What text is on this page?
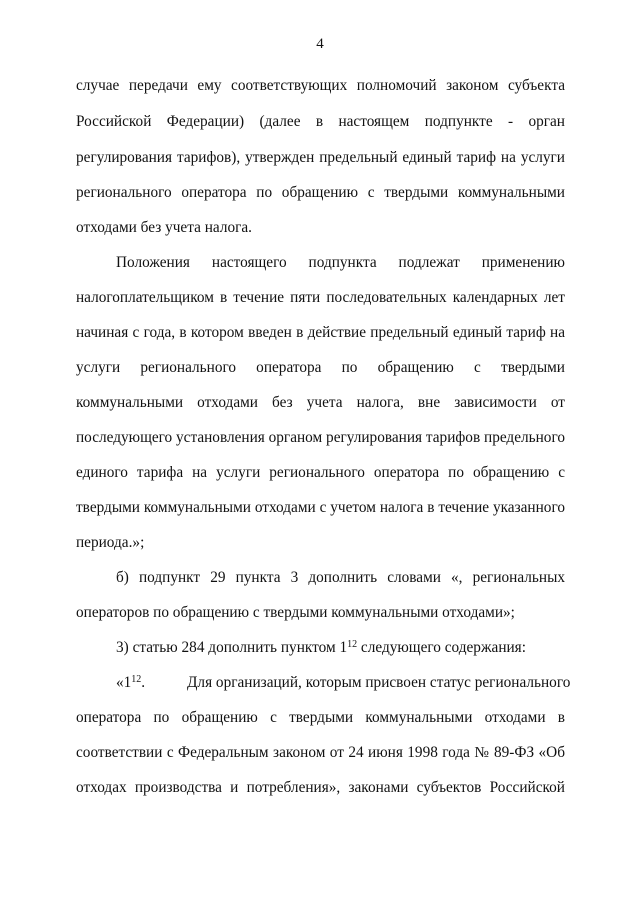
4
случае передачи ему соответствующих полномочий законом субъекта
Российской Федерации) (далее в настоящем подпункте - орган
регулирования тарифов), утвержден предельный единый тариф на услуги
регионального оператора по обращению с твердыми коммунальными
отходами без учета налога.
Положения настоящего подпункта подлежат применению
налогоплательщиком в течение пяти последовательных календарных лет
начиная с года, в котором введен в действие предельный единый тариф на
услуги регионального оператора по обращению с твердыми
коммунальными отходами без учета налога, вне зависимости от
последующего установления органом регулирования тарифов предельного
единого тарифа на услуги регионального оператора по обращению с
твердыми коммунальными отходами с учетом налога в течение указанного
периода.»;
б) подпункт 29 пункта 3 дополнить словами «, региональных
операторов по обращению с твердыми коммунальными отходами»;
3) статью 284 дополнить пунктом $1^{12}$ следующего содержания:
«$1^{12}$.	Для организаций, которым присвоен статус регионального
оператора по обращению с твердыми коммунальными отходами в
соответствии с Федеральным законом от 24 июня 1998 года № 89-ФЗ «Об
отходах производства и потребления», законами субъектов Российской
